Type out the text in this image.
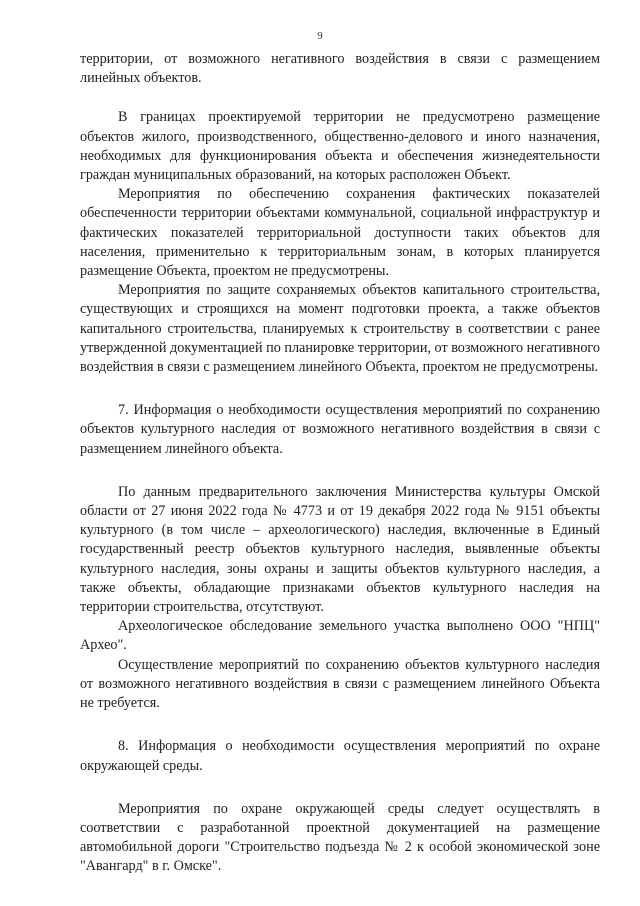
9

территории, от возможного негативного воздействия в связи с размещением линейных объектов.

В границах проектируемой территории не предусмотрено размещение объектов жилого, производственного, общественно-делового и иного назначения, необходимых для функционирования объекта и обеспечения жизнедеятельности граждан муниципальных образований, на которых расположен Объект.

Мероприятия по обеспечению сохранения фактических показателей обеспеченности территории объектами коммунальной, социальной инфраструктур и фактических показателей территориальной доступности таких объектов для населения, применительно к территориальным зонам, в которых планируется размещение Объекта, проектом не предусмотрены.

Мероприятия по защите сохраняемых объектов капитального строительства, существующих и строящихся на момент подготовки проекта, а также объектов капитального строительства, планируемых к строительству в соответствии с ранее утвержденной документацией по планировке территории, от возможного негативного воздействия в связи с размещением линейного Объекта, проектом не предусмотрены.

7. Информация о необходимости осуществления мероприятий по сохранению объектов культурного наследия от возможного негативного воздействия в связи с размещением линейного объекта.

По данным предварительного заключения Министерства культуры Омской области от 27 июня 2022 года № 4773 и от 19 декабря 2022 года № 9151 объекты культурного (в том числе – археологического) наследия, включенные в Единый государственный реестр объектов культурного наследия, выявленные объекты культурного наследия, зоны охраны и защиты объектов культурного наследия, а также объекты, обладающие признаками объектов культурного наследия на территории строительства, отсутствуют.

Археологическое обследование земельного участка выполнено ООО "НПЦ" Архео".

Осуществление мероприятий по сохранению объектов культурного наследия от возможного негативного воздействия в связи с размещением линейного Объекта не требуется.

8. Информация о необходимости осуществления мероприятий по охране окружающей среды.

Мероприятия по охране окружающей среды следует осуществлять в соответствии с разработанной проектной документацией на размещение автомобильной дороги "Строительство подъезда № 2 к особой экономической зоне "Авангард" в г. Омске".
